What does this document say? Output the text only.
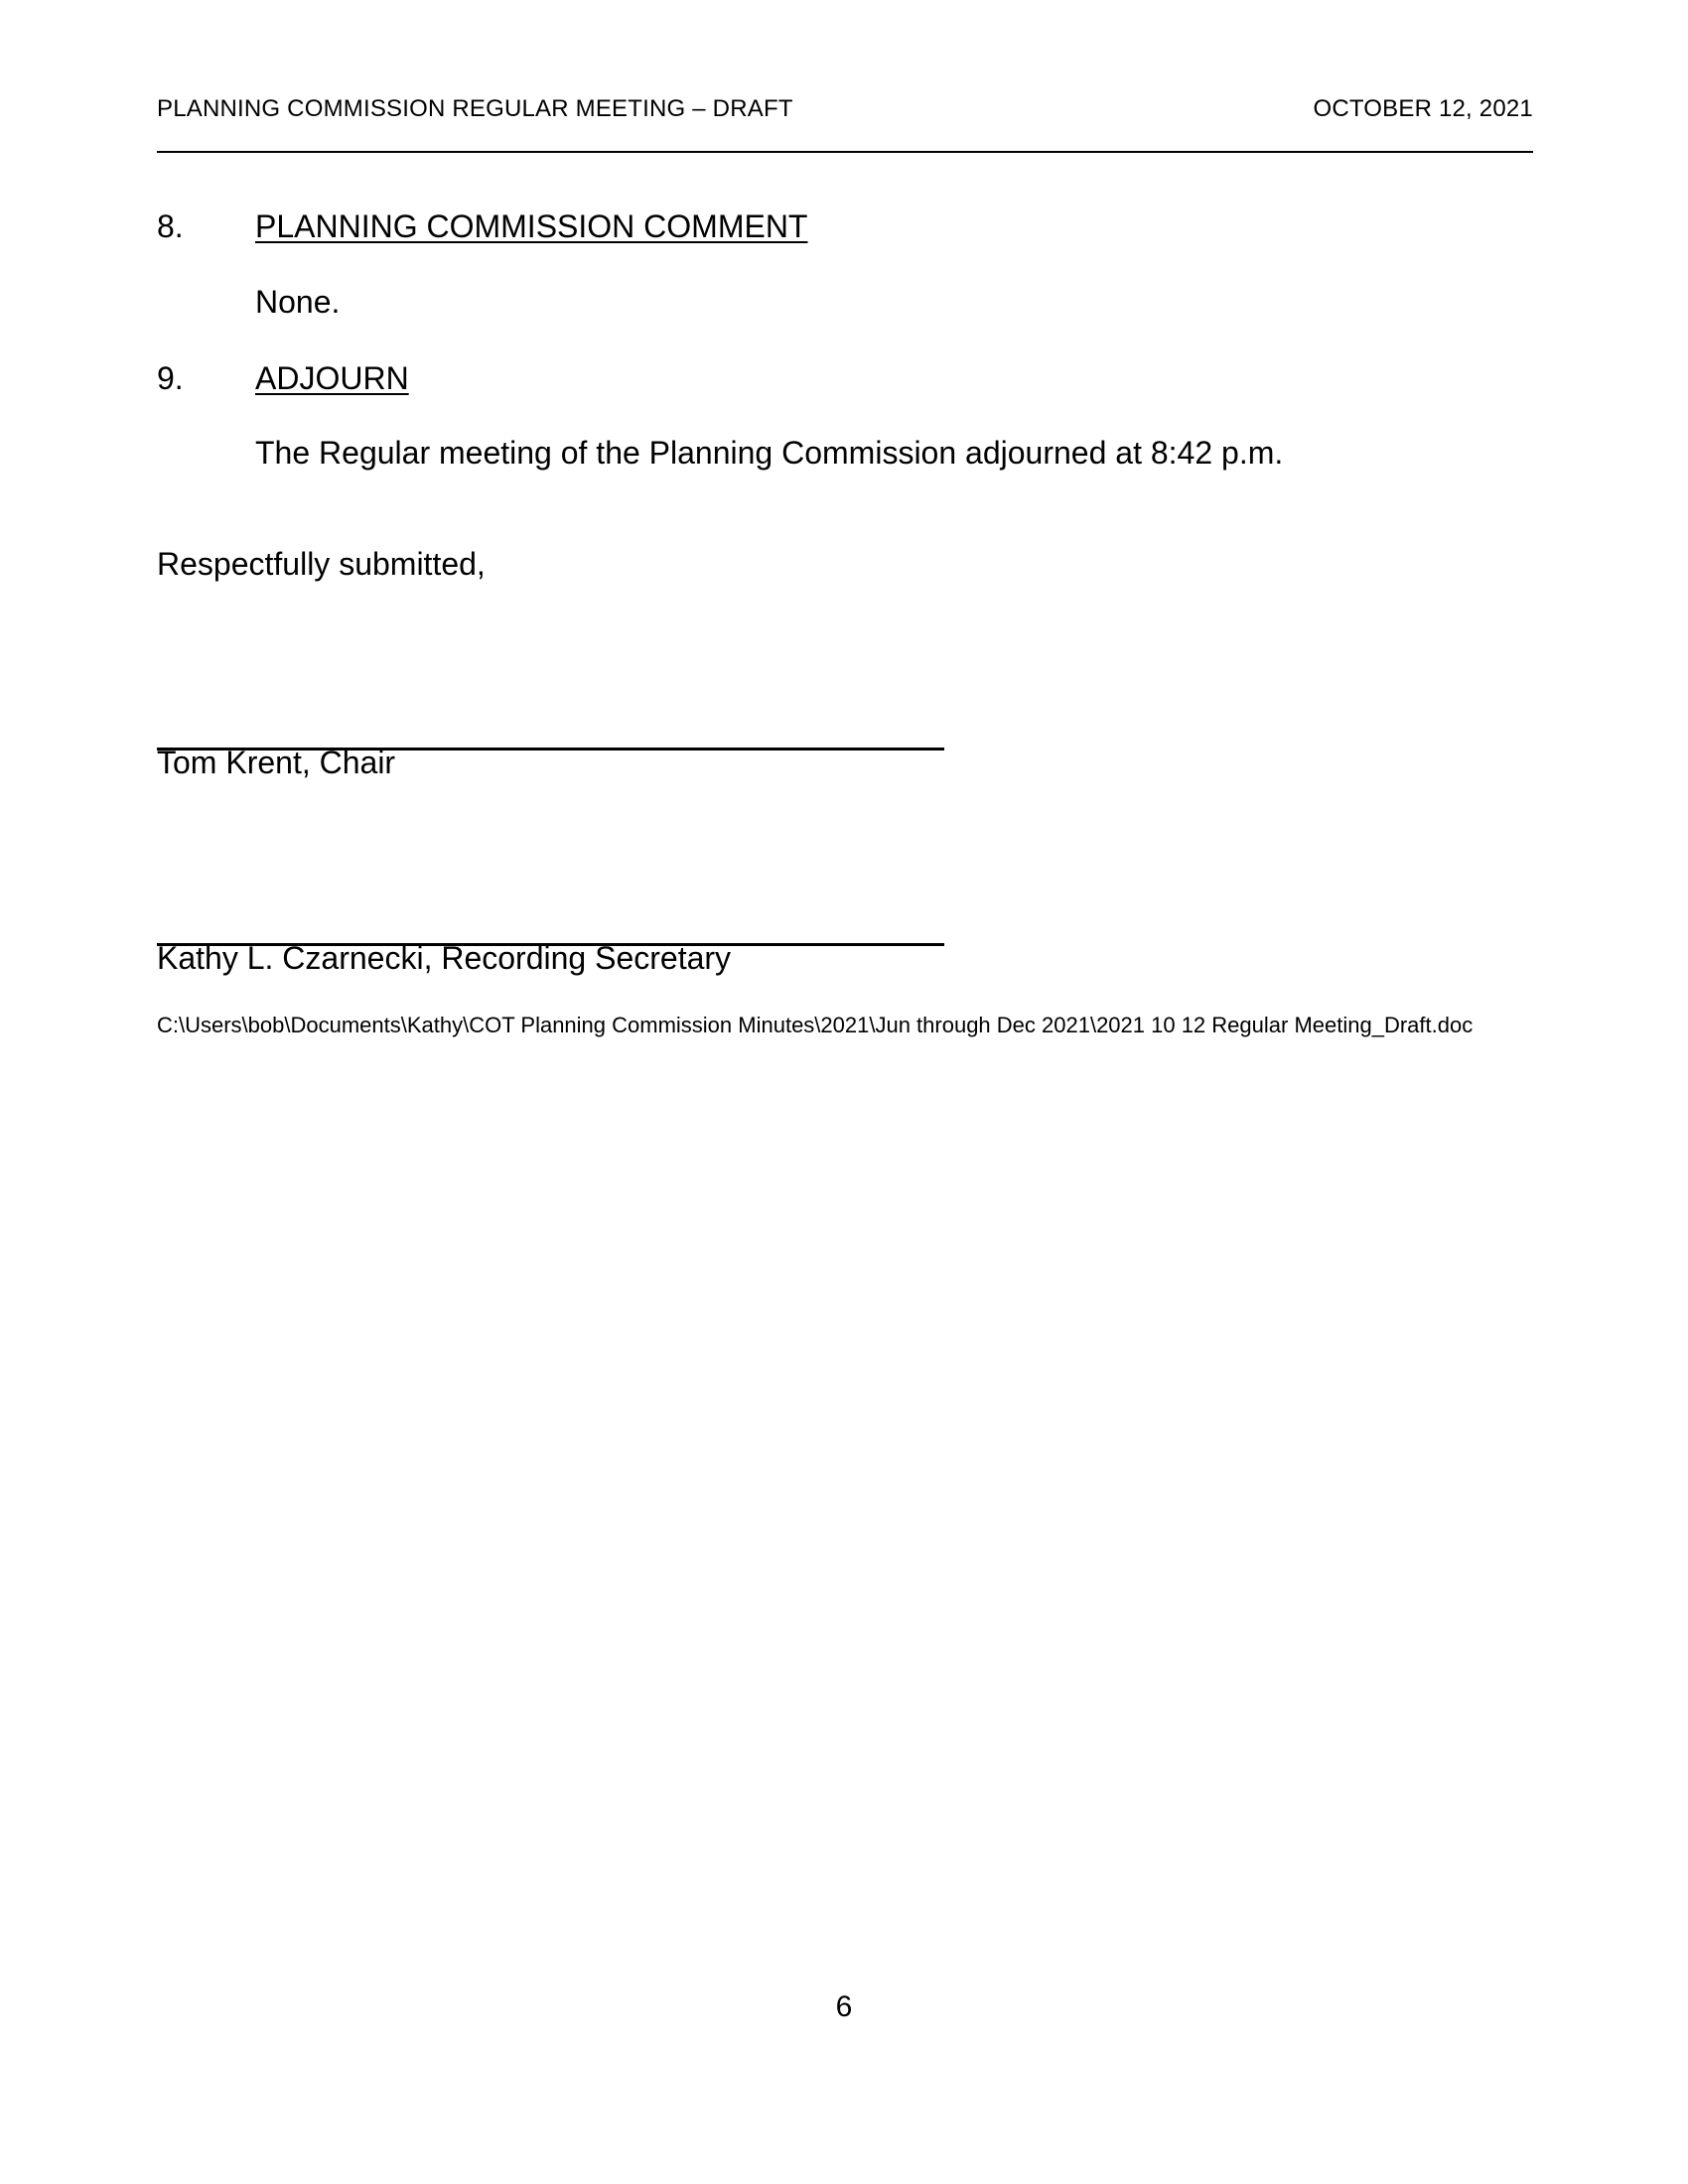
PLANNING COMMISSION REGULAR MEETING – DRAFT	OCTOBER 12, 2021
8. PLANNING COMMISSION COMMENT
None.
9. ADJOURN
The Regular meeting of the Planning Commission adjourned at 8:42 p.m.
Respectfully submitted,
Tom Krent, Chair
Kathy L. Czarnecki, Recording Secretary
C:\Users\bob\Documents\Kathy\COT Planning Commission Minutes\2021\Jun through Dec 2021\2021 10 12 Regular Meeting_Draft.doc
6
